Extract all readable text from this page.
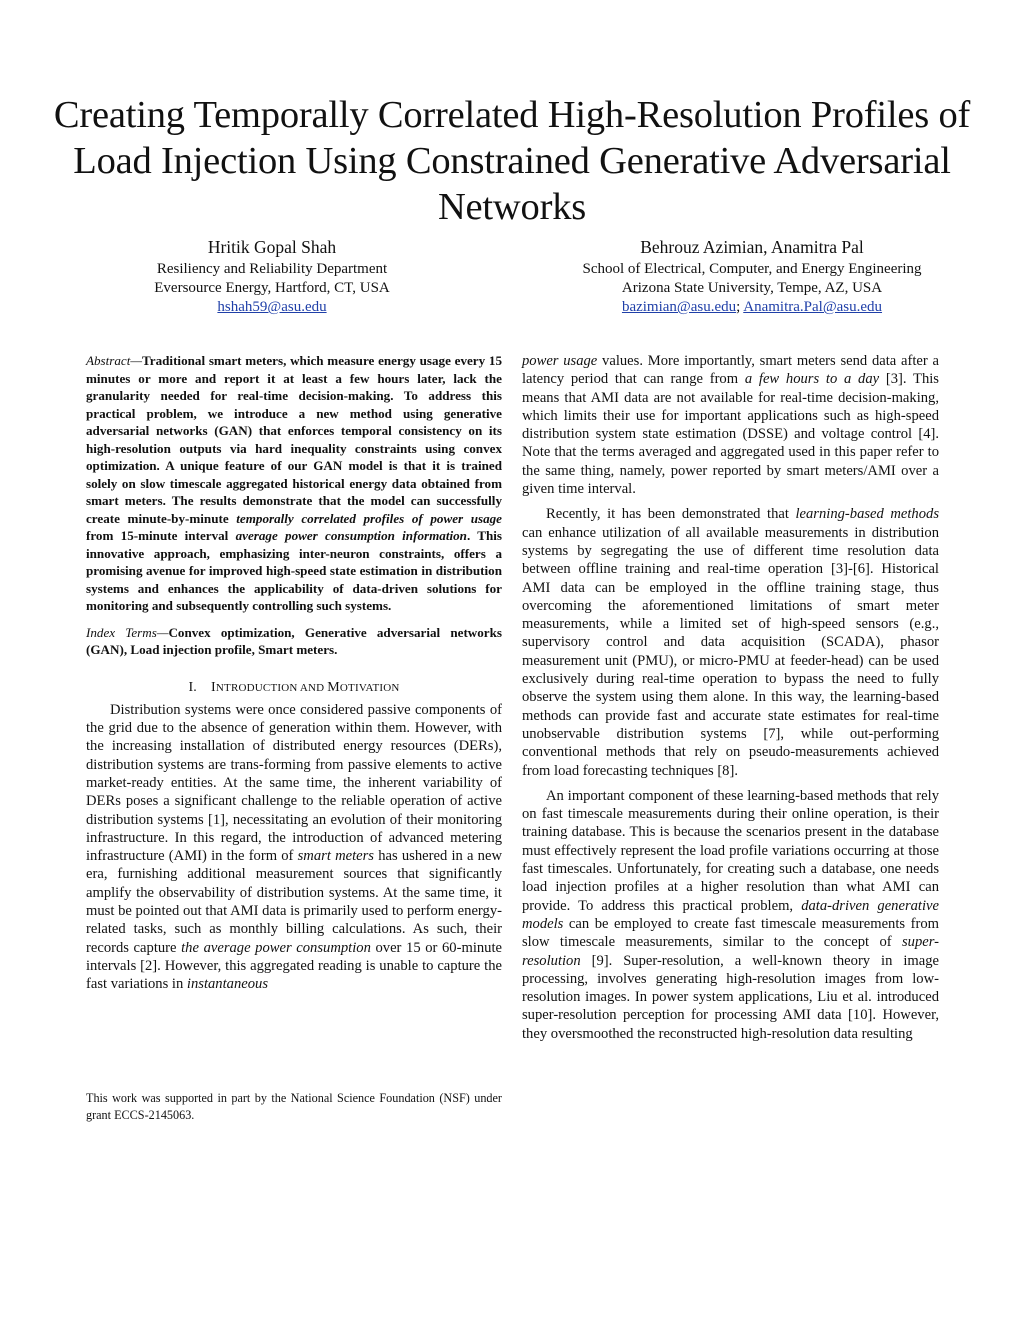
Creating Temporally Correlated High-Resolution Profiles of Load Injection Using Constrained Generative Adversarial Networks
Hritik Gopal Shah
Resiliency and Reliability Department
Eversource Energy, Hartford, CT, USA
hshah59@asu.edu
Behrouz Azimian, Anamitra Pal
School of Electrical, Computer, and Energy Engineering
Arizona State University, Tempe, AZ, USA
bazimian@asu.edu; Anamitra.Pal@asu.edu

Abstract—Traditional smart meters, which measure energy usage every 15 minutes or more and report it at least a few hours later, lack the granularity needed for real-time decision-making. To address this practical problem, we introduce a new method using generative adversarial networks (GAN) that enforces temporal consistency on its high-resolution outputs via hard inequality constraints using convex optimization. A unique feature of our GAN model is that it is trained solely on slow timescale aggregated historical energy data obtained from smart meters. The results demonstrate that the model can successfully create minute-by-minute temporally correlated profiles of power usage from 15-minute interval average power consumption information. This innovative approach, emphasizing inter-neuron constraints, offers a promising avenue for improved high-speed state estimation in distribution systems and enhances the applicability of data-driven solutions for monitoring and subsequently controlling such systems.

Index Terms—Convex optimization, Generative adversarial networks (GAN), Load injection profile, Smart meters.

I. INTRODUCTION AND MOTIVATION

Distribution systems were once considered passive components of the grid due to the absence of generation within them. However, with the increasing installation of distributed energy resources (DERs), distribution systems are trans-forming from passive elements to active market-ready entities. At the same time, the inherent variability of DERs poses a significant challenge to the reliable operation of active distribution systems [1], necessitating an evolution of their monitoring infrastructure. In this regard, the introduction of advanced metering infrastructure (AMI) in the form of smart meters has ushered in a new era, furnishing additional measurement sources that significantly amplify the observability of distribution systems. At the same time, it must be pointed out that AMI data is primarily used to perform energy-related tasks, such as monthly billing calculations. As such, their records capture the average power consumption over 15 or 60-minute intervals [2]. However, this aggregated reading is unable to capture the fast variations in instantaneous

This work was supported in part by the National Science Foundation (NSF) under grant ECCS-2145063.

power usage values. More importantly, smart meters send data after a latency period that can range from a few hours to a day [3]. This means that AMI data are not available for real-time decision-making, which limits their use for important applications such as high-speed distribution system state estimation (DSSE) and voltage control [4]. Note that the terms averaged and aggregated used in this paper refer to the same thing, namely, power reported by smart meters/AMI over a given time interval.

Recently, it has been demonstrated that learning-based methods can enhance utilization of all available measurements in distribution systems by segregating the use of different time resolution data between offline training and real-time operation [3]-[6]. Historical AMI data can be employed in the offline training stage, thus overcoming the aforementioned limitations of smart meter measurements, while a limited set of high-speed sensors (e.g., supervisory control and data acquisition (SCADA), phasor measurement unit (PMU), or micro-PMU at feeder-head) can be used exclusively during real-time operation to bypass the need to fully observe the system using them alone. In this way, the learning-based methods can provide fast and accurate state estimates for real-time unobservable distribution systems [7], while out-performing conventional methods that rely on pseudo-measurements achieved from load forecasting techniques [8].

An important component of these learning-based methods that rely on fast timescale measurements during their online operation, is their training database. This is because the scenarios present in the database must effectively represent the load profile variations occurring at those fast timescales. Unfortunately, for creating such a database, one needs load injection profiles at a higher resolution than what AMI can provide. To address this practical problem, data-driven generative models can be employed to create fast timescale measurements from slow timescale measurements, similar to the concept of super-resolution [9]. Super-resolution, a well-known theory in image processing, involves generating high-resolution images from low-resolution images. In power system applications, Liu et al. introduced super-resolution perception for processing AMI data [10]. However, they oversmoothed the reconstructed high-resolution data resulting
